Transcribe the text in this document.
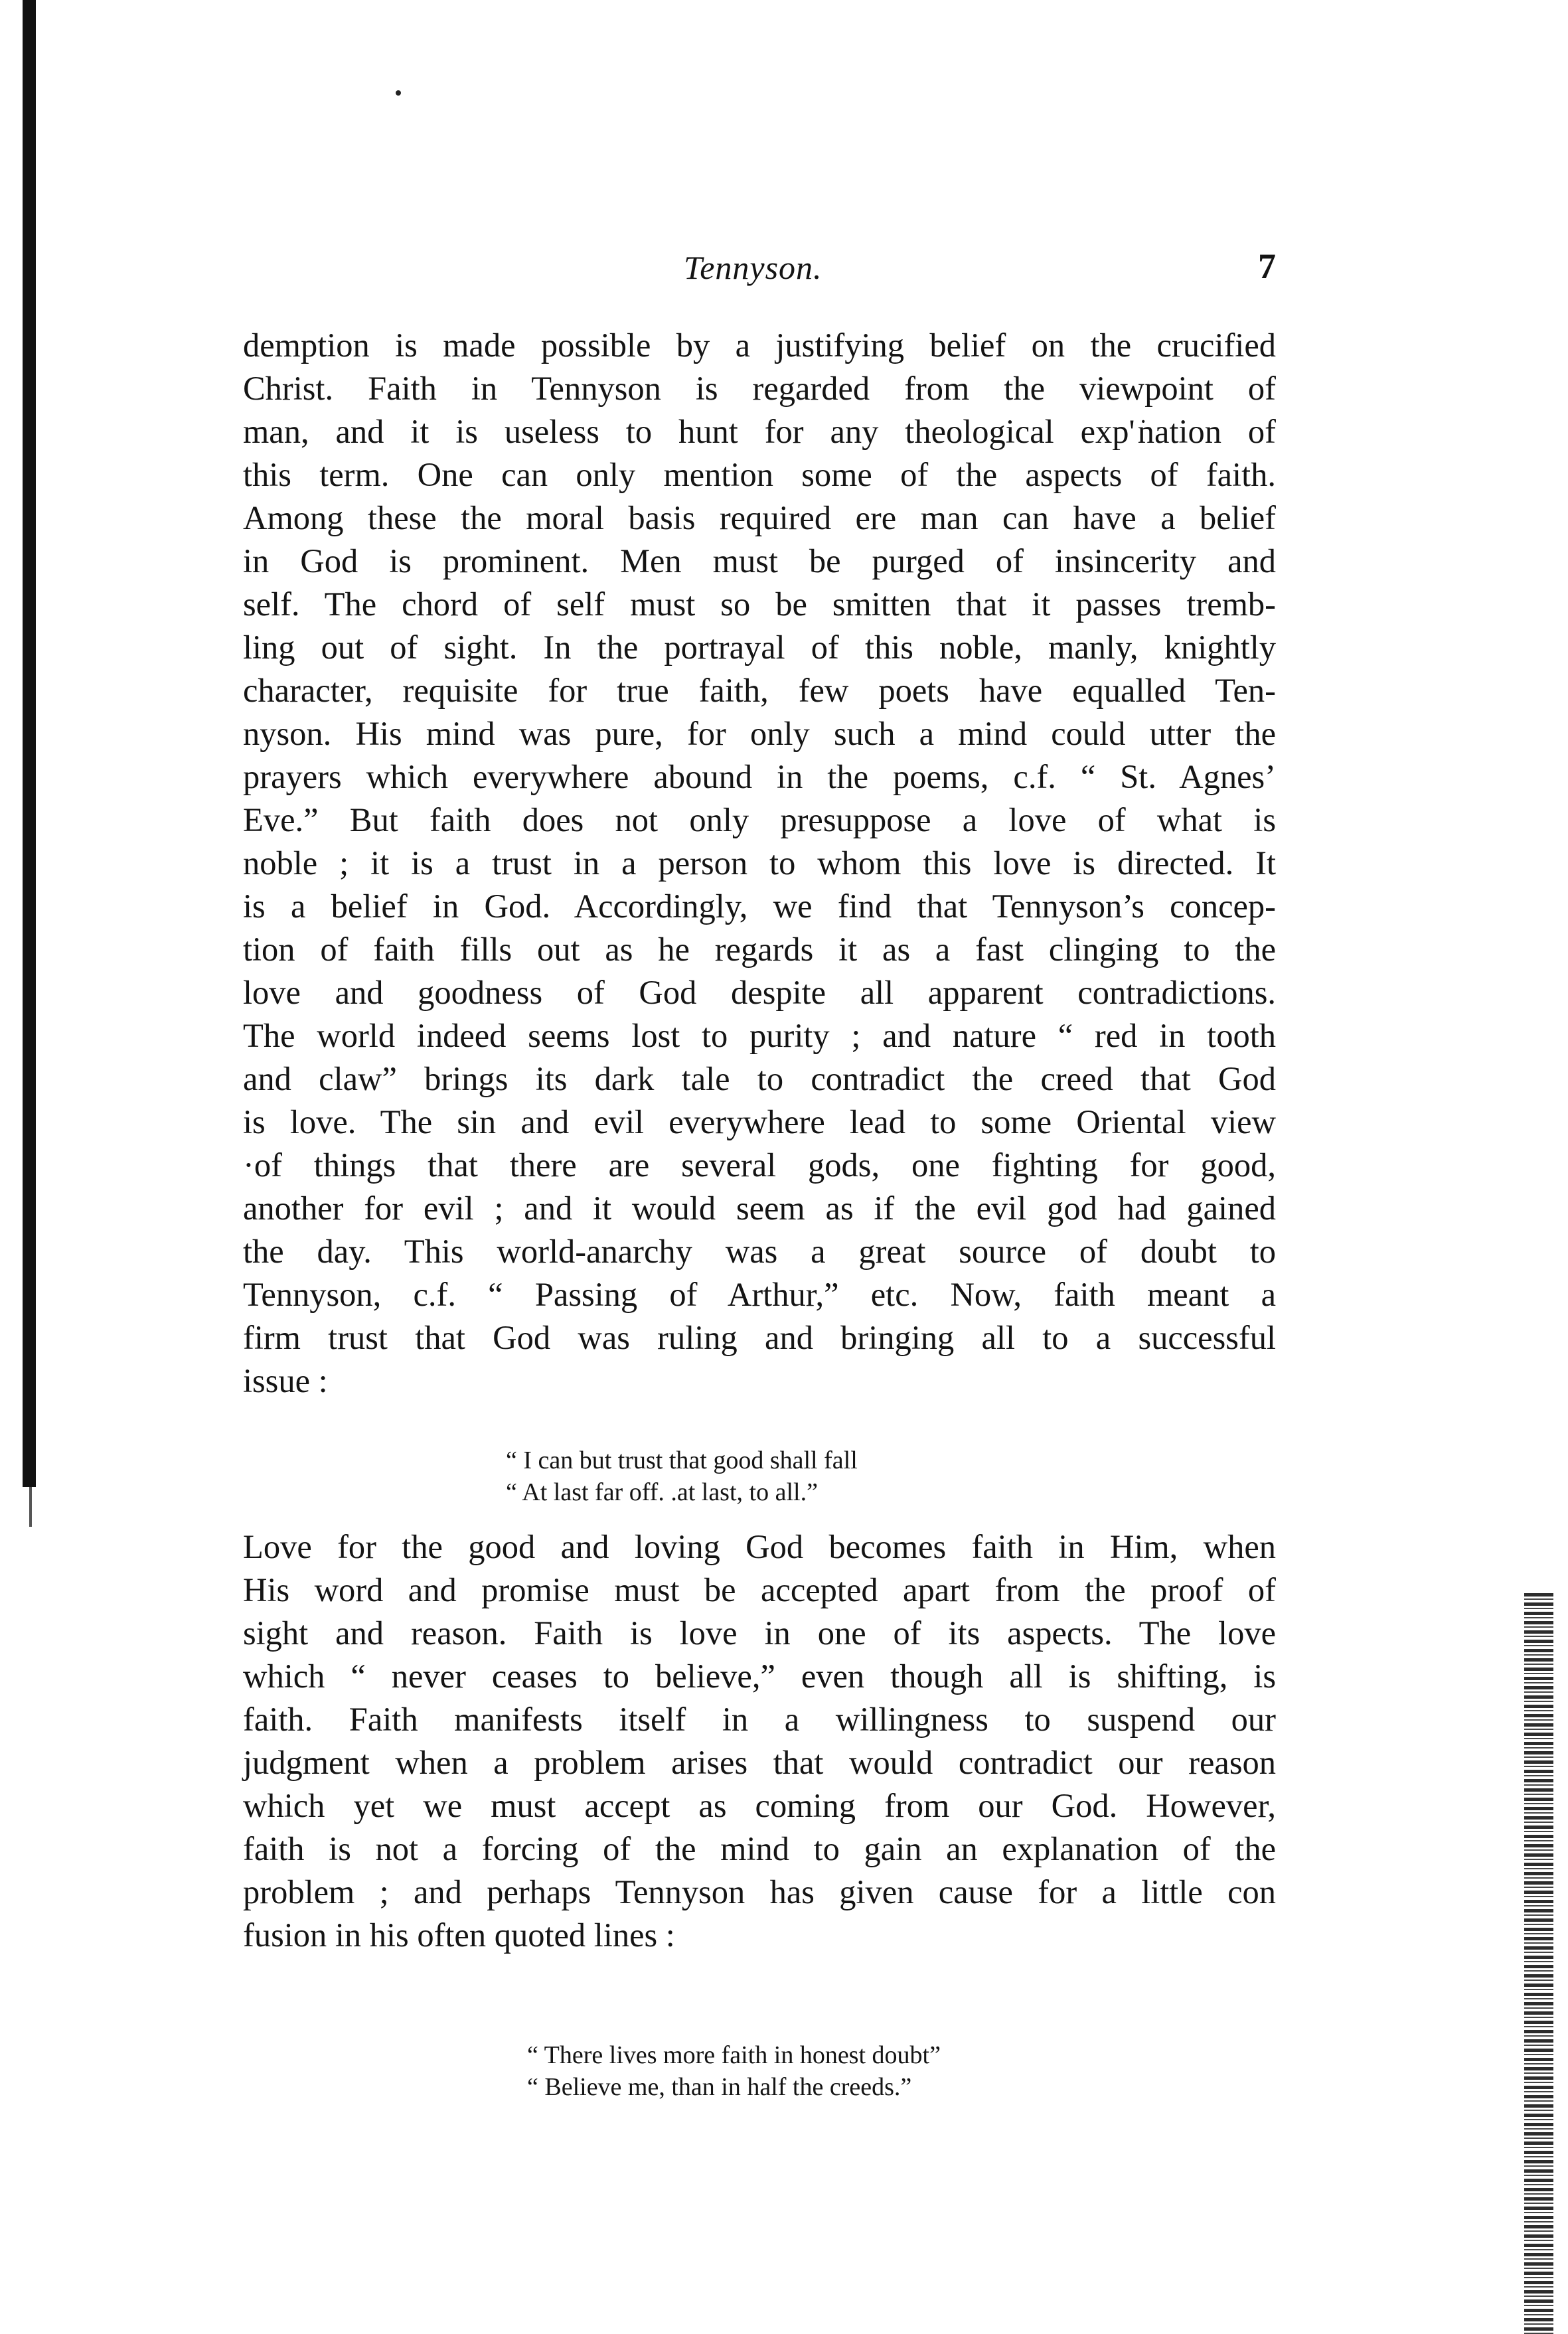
Tennyson.	7
demption is made possible by a justifying belief on the crucified
Christ. Faith in Tennyson is regarded from the viewpoint of
man, and it is useless to hunt for any theological exp' ͘nation of
this term. One can only mention some of the aspects of faith.
Among these the moral basis required ere man can have a belief
in God is prominent. Men must be purged of insincerity and
self. The chord of self must so be smitten that it passes tremb-
ling out of sight. In the portrayal of this noble, manly, knightly
character, requisite for true faith, few poets have equalled Ten-
nyson. His mind was pure, for only such a mind could utter the
prayers which everywhere abound in the poems, c.f. “ St. Agnes’
Eve.” But faith does not only presuppose a love of what is
noble ; it is a trust in a person to whom this love is directed. It
is a belief in God. Accordingly, we find that Tennyson’s concep-
tion of faith fills out as he regards it as a fast clinging to the
love and goodness of God despite all apparent contradictions.
The world indeed seems lost to purity ; and nature “ red in tooth
and claw” brings its dark tale to contradict the creed that God
is love. The sin and evil everywhere lead to some Oriental view
·of things that there are several gods, one fighting for good,
another for evil ; and it would seem as if the evil god had gained
the day. This world-anarchy was a great source of doubt to
Tennyson, c.f. “ Passing of Arthur,” etc. Now, faith meant a
firm trust that God was ruling and bringing all to a successful
issue :
“ I can but trust that good shall fall
“ At last far off. .at last, to all.”
Love for the good and loving God becomes faith in Him, when
His word and promise must be accepted apart from the proof of
sight and reason. Faith is love in one of its aspects. The love
which “ never ceases to believe,” even though all is shifting, is
faith. Faith manifests itself in a willingness to suspend our
judgment when a problem arises that would contradict our reason
which yet we must accept as coming from our God. However,
faith is not a forcing of the mind to gain an explanation of the
problem ; and perhaps Tennyson has given cause for a little con
fusion in his often quoted lines :
“ There lives more faith in honest doubt”
“ Believe me, than in half the creeds.”
